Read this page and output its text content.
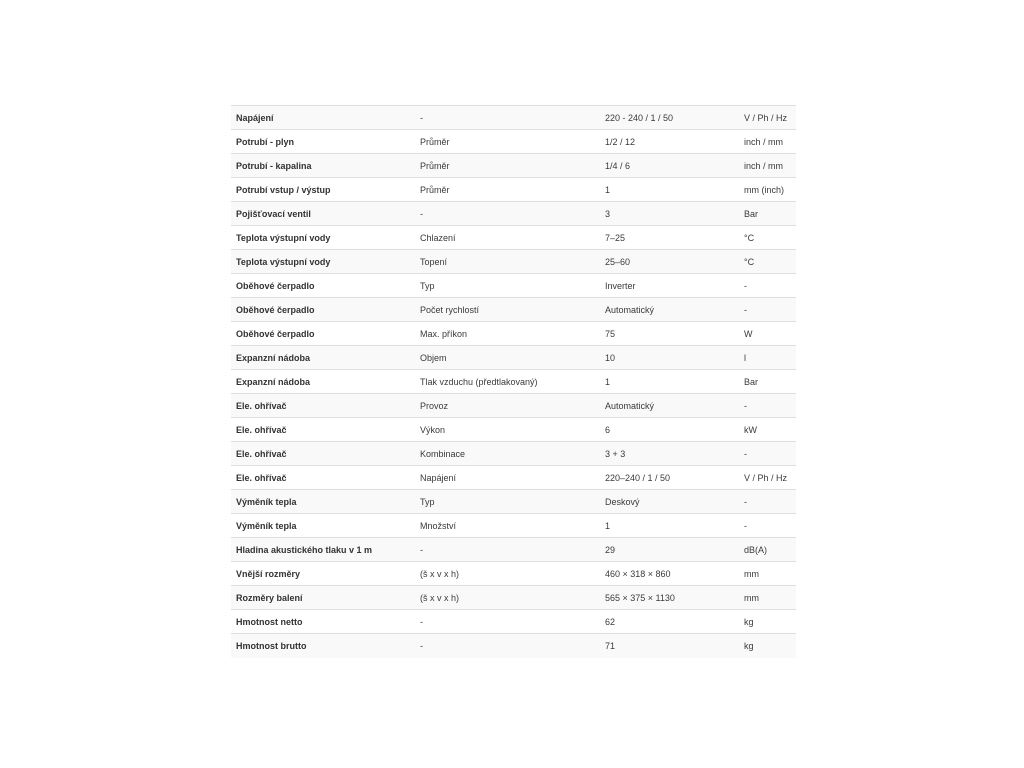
Napájení	-	220 - 240 / 1 / 50	V / Ph / Hz
Potrubí - plyn	Průměr	1/2 / 12	inch / mm
Potrubí - kapalina	Průměr	1/4 / 6	inch / mm
Potrubí vstup / výstup	Průměr	1	mm (inch)
Pojišťovací ventil	-	3	Bar
Teplota výstupní vody	Chlazení	7–25	°C
Teplota výstupní vody	Topení	25–60	°C
Oběhové čerpadlo	Typ	Inverter	-
Oběhové čerpadlo	Počet rychlostí	Automatický	-
Oběhové čerpadlo	Max. příkon	75	W
Expanzní nádoba	Objem	10	l
Expanzní nádoba	Tlak vzduchu (předtlakovaný)	1	Bar
Ele. ohřívač	Provoz	Automatický	-
Ele. ohřívač	Výkon	6	kW
Ele. ohřívač	Kombinace	3 + 3	-
Ele. ohřívač	Napájení	220–240 / 1 / 50	V / Ph / Hz
Výměník tepla	Typ	Deskový	-
Výměník tepla	Množství	1	-
Hladina akustického tlaku v 1 m	-	29	dB(A)
Vnější rozměry	(š x v x h)	460 × 318 × 860	mm
Rozměry balení	(š x v x h)	565 × 375 × 1130	mm
Hmotnost netto	-	62	kg
Hmotnost brutto	-	71	kg
